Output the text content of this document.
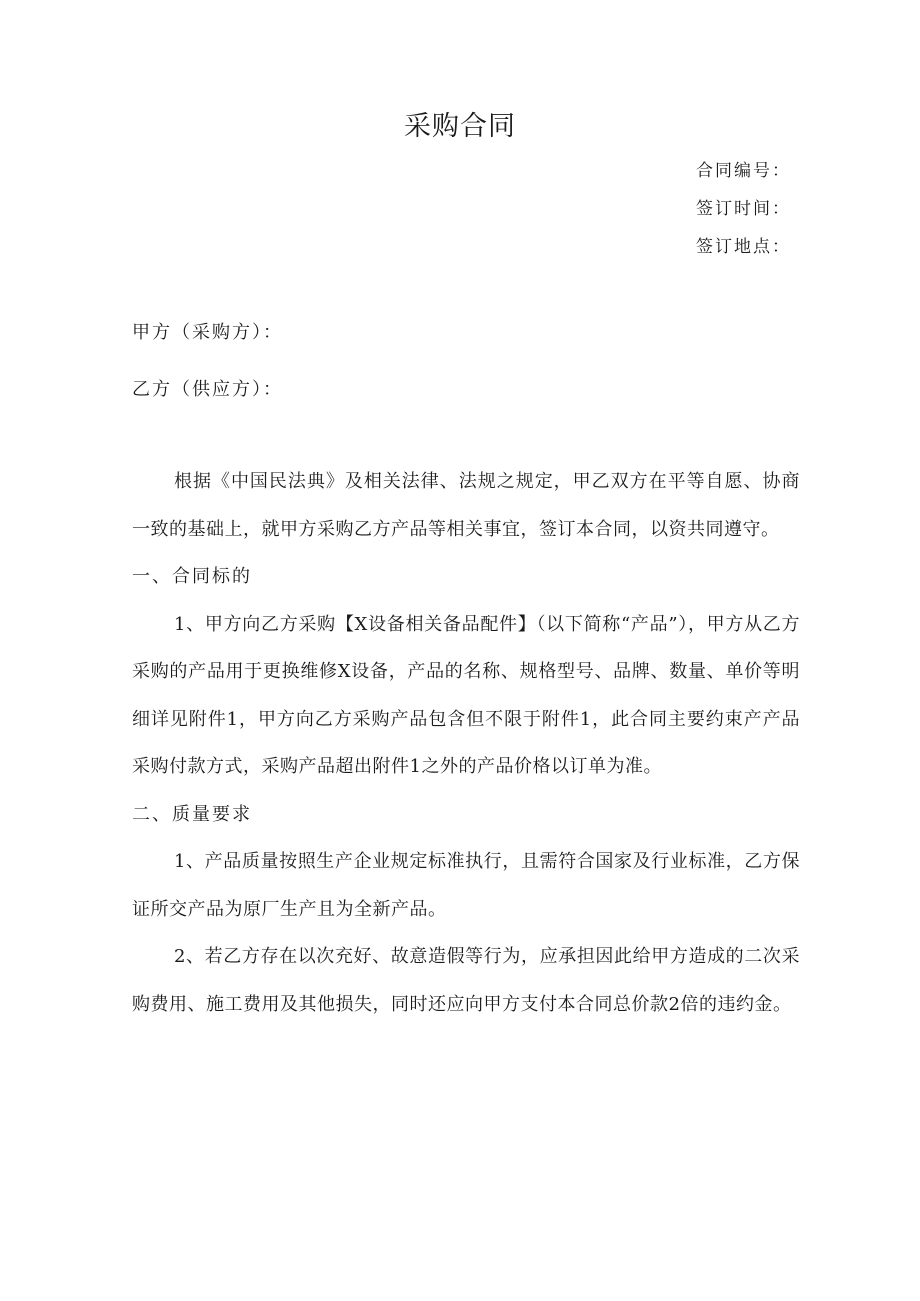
采购合同
合同编号：
签订时间：
签订地点：
甲方（采购方）：
乙方（供应方）：

根据《中国民法典》及相关法律、法规之规定，甲乙双方在平等自愿、协商一致的基础上，就甲方采购乙方产品等相关事宜，签订本合同，以资共同遵守。

一、合同标的

1、甲方向乙方采购【X设备相关备品配件】（以下简称“产品”），甲方从乙方采购的产品用于更换维修X设备，产品的名称、规格型号、品牌、数量、单价等明细详见附件1，甲方向乙方采购产品包含但不限于附件1，此合同主要约束产产品采购付款方式，采购产品超出附件1之外的产品价格以订单为准。

二、质量要求

1、产品质量按照生产企业规定标准执行，且需符合国家及行业标准，乙方保证所交产品为原厂生产且为全新产品。

2、若乙方存在以次充好、故意造假等行为，应承担因此给甲方造成的二次采购费用、施工费用及其他损失，同时还应向甲方支付本合同总价款2倍的违约金。
